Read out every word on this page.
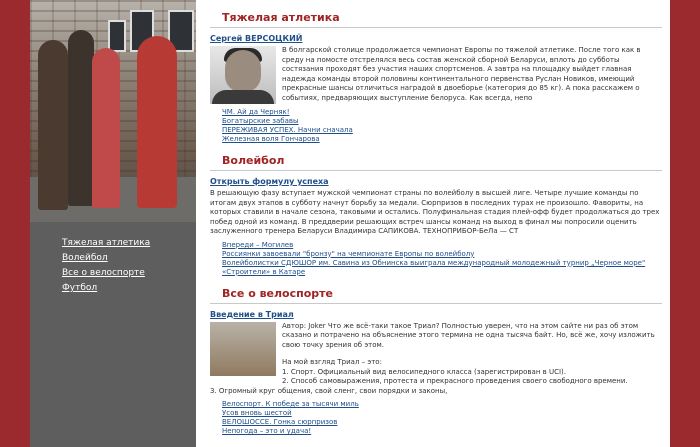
Тяжелая атлетика
Волейбол
Все о велоспорте
Футбол
Тяжелая атлетика
Сергей ВЕРСОЦКИЙ

В болгарской столице продолжается чемпионат Европы по тяжелой атлетике. После того как в среду на помосте отстрелялся весь состав женской сборной Беларуси, вплоть до субботы состязания проходят без участия наших спортсменов. А завтра на площадку выйдет главная надежда команды второй половины континентального первенства Руслан Новиков, имеющий прекрасные шансы отличиться наградой в двоеборье (категория до 85 кг). А пока расскажем о событиях, предваряющих выступление белоруса. Как всегда, непо

ЧМ. Ай да Черняк!
Богатырские забавы
ПЕРЕЖИВАЯ УСПЕХ. Начни сначала
Железная воля Гончарова
Волейбол
Открыть формулу успеха

В решающую фазу вступает мужской чемпионат страны по волейболу в высшей лиге. Четыре лучшие команды по итогам двух этапов в субботу начнут борьбу за медали. Сюрпризов в последних турах не произошло. Фавориты, на которых ставили в начале сезона, таковыми и остались. Полуфинальная стадия плей-офф будет продолжаться до трех побед одной из команд. В преддверии решающих встреч шансы команд на выход в финал мы попросили оценить заслуженного тренера Беларуси Владимира САПИКОВА. ТЕХНОПРИБОР-БеЛа — СТ

Впереди – Могилев
Россиянки завоевали "бронзу" на чемпионате Европы по волейболу
Волейболистки СДЮШОР им. Савина из Обнинска выиграла международный молодежный турнир „Черное море"
«Строители» в Катаре
Все о велоспорте
Введение в Триал

Автор: Joker Что же всё-таки такое Триал? Полностью уверен, что на этом сайте ни раз об этом сказано и потрачено на объяснение этого термина не одна тысяча байт. Но, всё же, хочу изложить свою точку зрения об этом.

На мой взгляд Триал – это:

1. Спорт. Официальный вид велосипедного класса (зарегистрирован в UCI).

2. Способ самовыражения, протеста и прекрасного проведения своего свободного времени.

3. Огромный круг общения, свой сленг, свои порядки и законы,

Велоспорт. К победе за тысячи миль
Усов вновь шестой
ВЕЛОШОССЕ. Гонка сюрпризов
Непогода – это и удача!
